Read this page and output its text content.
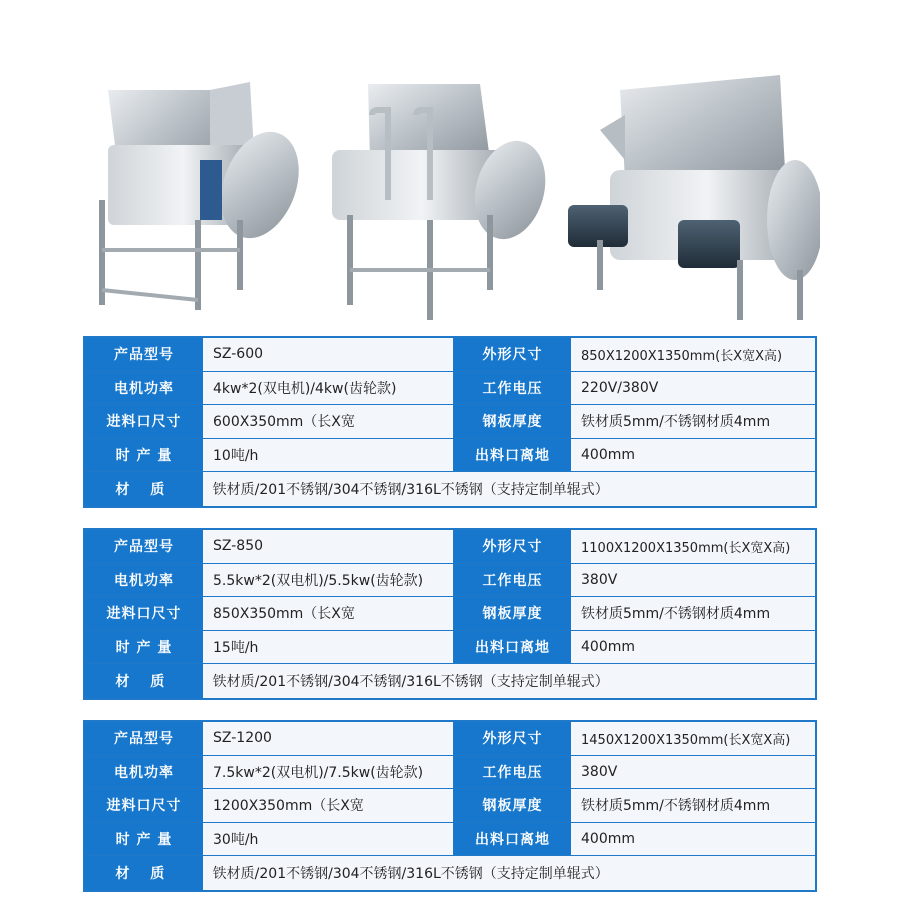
产品型号	SZ-600	外形尺寸	850X1200X1350mm(长X宽X高)
电机功率	4kw*2(双电机)/4kw(齿轮款)	工作电压	220V/380V
进料口尺寸	600X350mm（长X宽	钢板厚度	铁材质5mm/不锈钢材质4mm
时 产 量	10吨/h	出料口离地	400mm
材 质	铁材质/201不锈钢/304不锈钢/316L不锈钢（支持定制单辊式）
产品型号	SZ-850	外形尺寸	1100X1200X1350mm(长X宽X高)
电机功率	5.5kw*2(双电机)/5.5kw(齿轮款)	工作电压	380V
进料口尺寸	850X350mm（长X宽	钢板厚度	铁材质5mm/不锈钢材质4mm
时 产 量	15吨/h	出料口离地	400mm
材 质	铁材质/201不锈钢/304不锈钢/316L不锈钢（支持定制单辊式）
产品型号	SZ-1200	外形尺寸	1450X1200X1350mm(长X宽X高)
电机功率	7.5kw*2(双电机)/7.5kw(齿轮款)	工作电压	380V
进料口尺寸	1200X350mm（长X宽	钢板厚度	铁材质5mm/不锈钢材质4mm
时 产 量	30吨/h	出料口离地	400mm
材 质	铁材质/201不锈钢/304不锈钢/316L不锈钢（支持定制单辊式）
